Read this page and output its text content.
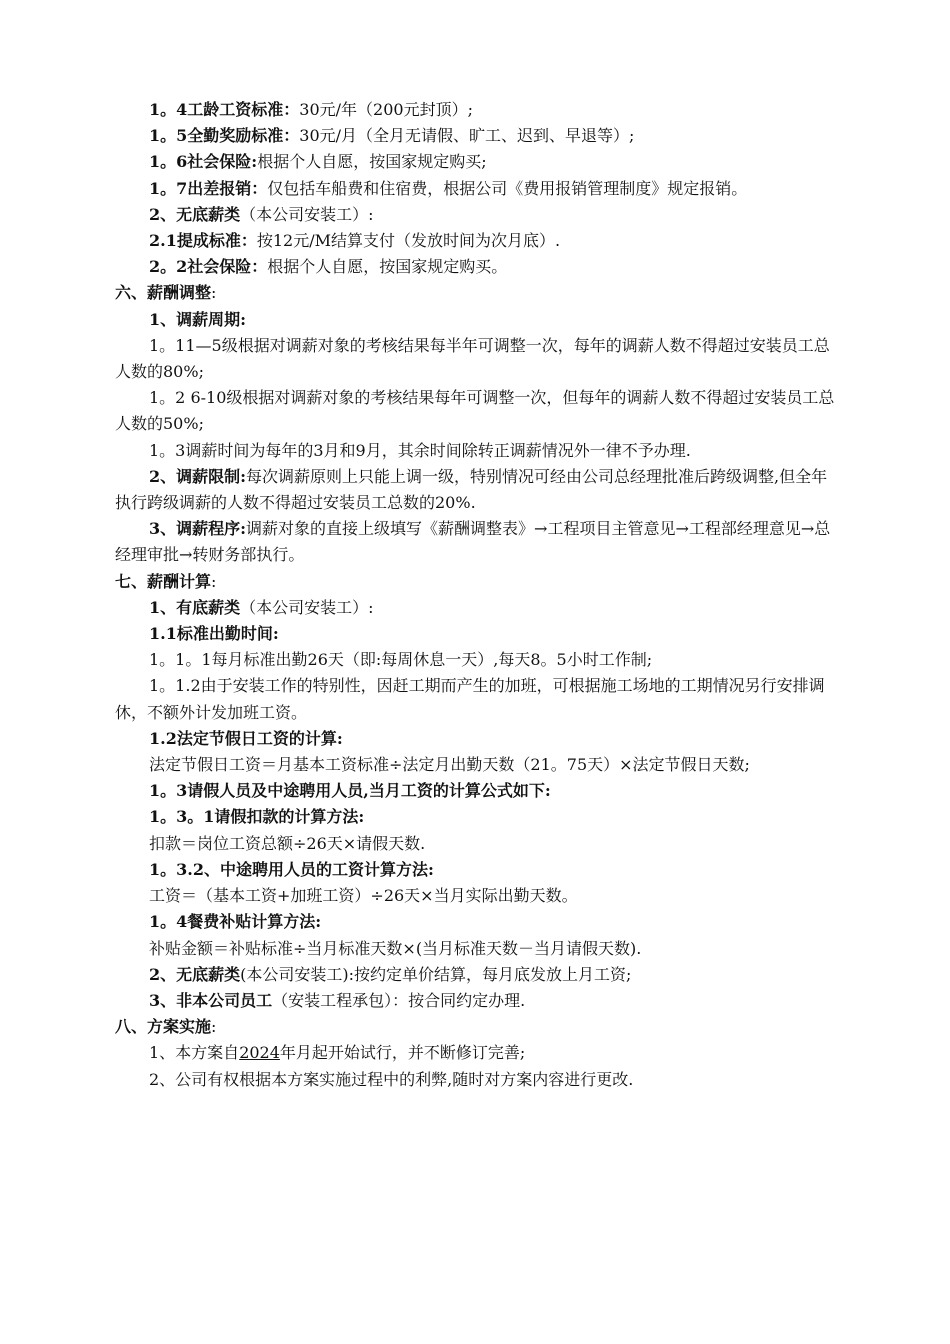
1。4工龄工资标准：30元/年（200元封顶）;

1。5全勤奖励标准：30元/月（全月无请假、旷工、迟到、早退等）;

1。6社会保险:根据个人自愿，按国家规定购买;

1。7出差报销：仅包括车船费和住宿费，根据公司《费用报销管理制度》规定报销。

2、无底薪类（本公司安装工）:

2.1提成标准：按12元/M结算支付（发放时间为次月底）.

2。2社会保险：根据个人自愿，按国家规定购买。

六、薪酬调整:

1、调薪周期:

1。11—5级根据对调薪对象的考核结果每半年可调整一次，每年的调薪人数不得超过安装员工总人数的80%;

1。2 6-10级根据对调薪对象的考核结果每年可调整一次，但每年的调薪人数不得超过安装员工总人数的50%;

1。3调薪时间为每年的3月和9月，其余时间除转正调薪情况外一律不予办理.

2、调薪限制:每次调薪原则上只能上调一级，特别情况可经由公司总经理批准后跨级调整,但全年执行跨级调薪的人数不得超过安装员工总数的20%.

3、调薪程序:调薪对象的直接上级填写《薪酬调整表》→工程项目主管意见→工程部经理意见→总经理审批→转财务部执行。

七、薪酬计算:

1、有底薪类（本公司安装工）:

1.1标准出勤时间:

1。1。1每月标准出勤26天（即:每周休息一天）,每天8。5小时工作制;

1。1.2由于安装工作的特别性，因赶工期而产生的加班，可根据施工场地的工期情况另行安排调休，不额外计发加班工资。

1.2法定节假日工资的计算:

法定节假日工资＝月基本工资标准÷法定月出勤天数（21。75天）×法定节假日天数;

1。3请假人员及中途聘用人员,当月工资的计算公式如下:

1。3。1请假扣款的计算方法:

扣款＝岗位工资总额÷26天×请假天数.

1。3.2、中途聘用人员的工资计算方法:

工资＝（基本工资+加班工资）÷26天×当月实际出勤天数。

1。4餐费补贴计算方法:

补贴金额＝补贴标准÷当月标准天数×(当月标准天数－当月请假天数).

2、无底薪类(本公司安装工):按约定单价结算，每月底发放上月工资;

3、非本公司员工（安装工程承包）：按合同约定办理.

八、方案实施:

1、本方案自2024年月起开始试行，并不断修订完善;

2、公司有权根据本方案实施过程中的利弊,随时对方案内容进行更改.
